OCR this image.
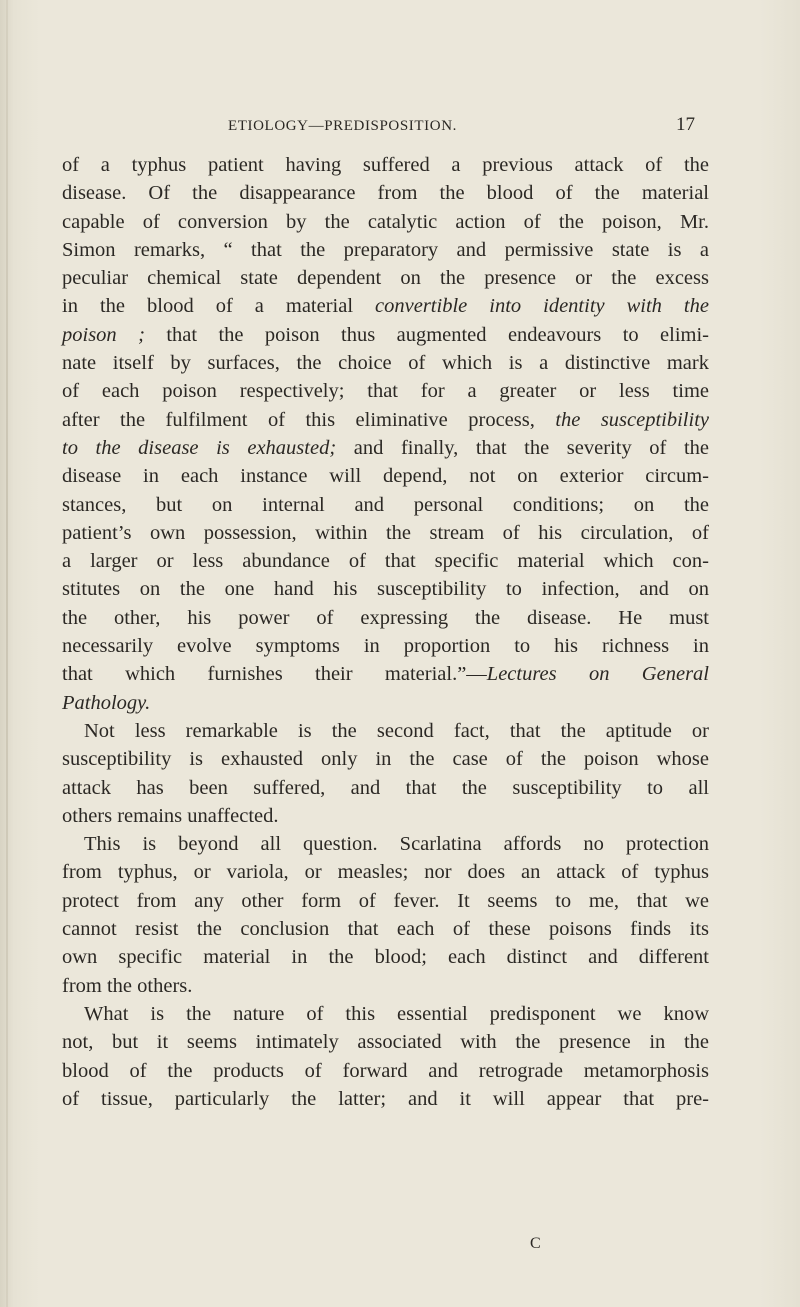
ETIOLOGY—PREDISPOSITION.	17
of a typhus patient having suffered a previous attack of the
disease. Of the disappearance from the blood of the material
capable of conversion by the catalytic action of the poison, Mr.
Simon remarks, “ that the preparatory and permissive state is a
peculiar chemical state dependent on the presence or the excess
in the blood of a material convertible into identity with the
poison ; that the poison thus augmented endeavours to elimi-
nate itself by surfaces, the choice of which is a distinctive mark
of each poison respectively; that for a greater or less time
after the fulfilment of this eliminative process, the susceptibility
to the disease is exhausted; and finally, that the severity of the
disease in each instance will depend, not on exterior circum-
stances, but on internal and personal conditions; on the
patient’s own possession, within the stream of his circulation, of
a larger or less abundance of that specific material which con-
stitutes on the one hand his susceptibility to infection, and on
the other, his power of expressing the disease. He must
necessarily evolve symptoms in proportion to his richness in
that which furnishes their material.”—Lectures on General
Pathology.
Not less remarkable is the second fact, that the aptitude or
susceptibility is exhausted only in the case of the poison whose
attack has been suffered, and that the susceptibility to all
others remains unaffected.
This is beyond all question. Scarlatina affords no protection
from typhus, or variola, or measles; nor does an attack of typhus
protect from any other form of fever. It seems to me, that we
cannot resist the conclusion that each of these poisons finds its
own specific material in the blood; each distinct and different
from the others.
What is the nature of this essential predisponent we know
not, but it seems intimately associated with the presence in the
blood of the products of forward and retrograde metamorphosis
of tissue, particularly the latter; and it will appear that pre-
C
